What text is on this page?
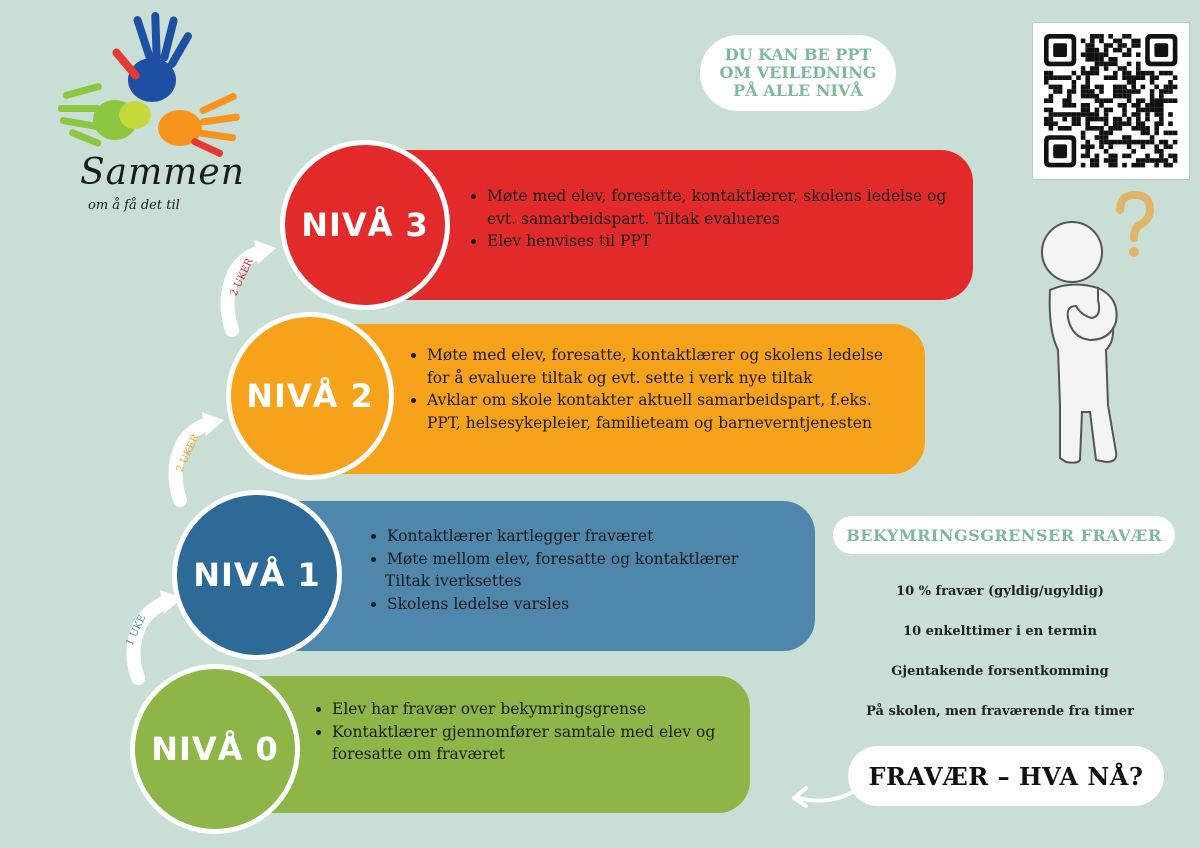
Sammen
om å få det til
DU KAN BE PPT
OM VEILEDNING
PÅ ALLE NIVÅ
1 UKE
2 UKER
2 UKER
• Møte med elev, foresatte, kontaktlærer, skolens ledelse og evt. samarbeidspart. Tiltak evalueres
• Elev henvises til PPT
NIVÅ 3
• Møte med elev, foresatte, kontaktlærer og skolens ledelse for å evaluere tiltak og evt. sette i verk nye tiltak
• Avklar om skole kontakter aktuell samarbeidspart, f.eks. PPT, helsesykepleier, familieteam og barneverntjenesten
NIVÅ 2
• Kontaktlærer kartlegger fraværet
• Møte mellom elev, foresatte og kontaktlærer
Tiltak iverksettes
• Skolens ledelse varsles
NIVÅ 1
• Elev har fravær over bekymringsgrense
• Kontaktlærer gjennomfører samtale med elev og foresatte om fraværet
NIVÅ 0
BEKYMRINGSGRENSER FRAVÆR
10 % fravær (gyldig/ugyldig)
10 enkelttimer i en termin
Gjentakende forsentkomming
På skolen, men fraværende fra timer
FRAVÆR – HVA NÅ?
